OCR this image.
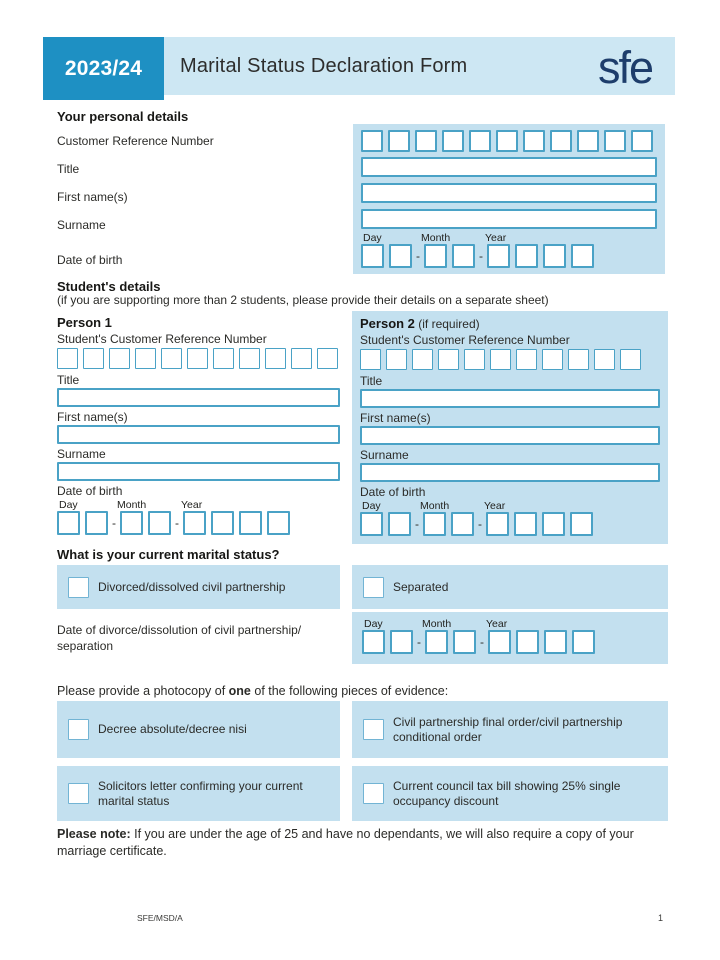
2023/24 Marital Status Declaration Form	sfe
Your personal details
Customer Reference Number
Title
First name(s)
Surname
Date of birth
Day	Month	Year
-	-
Student's details
(if you are supporting more than 2 students, please provide their details on a separate sheet)
Person 1
Student's Customer Reference Number
Title
First name(s)
Surname
Date of birth
Day	Month	Year
-	-
Person 2 (if required)
Student's Customer Reference Number
Title
First name(s)
Surname
Date of birth
Day	Month	Year
-	-
What is your current marital status?
Divorced/dissolved civil partnership	Separated
Date of divorce/dissolution of civil partnership/ separation
Day	Month	Year
-	-
Please provide a photocopy of one of the following pieces of evidence:
Decree absolute/decree nisi
Civil partnership final order/civil partnership conditional order
Solicitors letter confirming your current marital status
Current council tax bill showing 25% single occupancy discount
Please note: If you are under the age of 25 and have no dependants, we will also require a copy of your marriage certificate.
SFE/MSD/A	1
